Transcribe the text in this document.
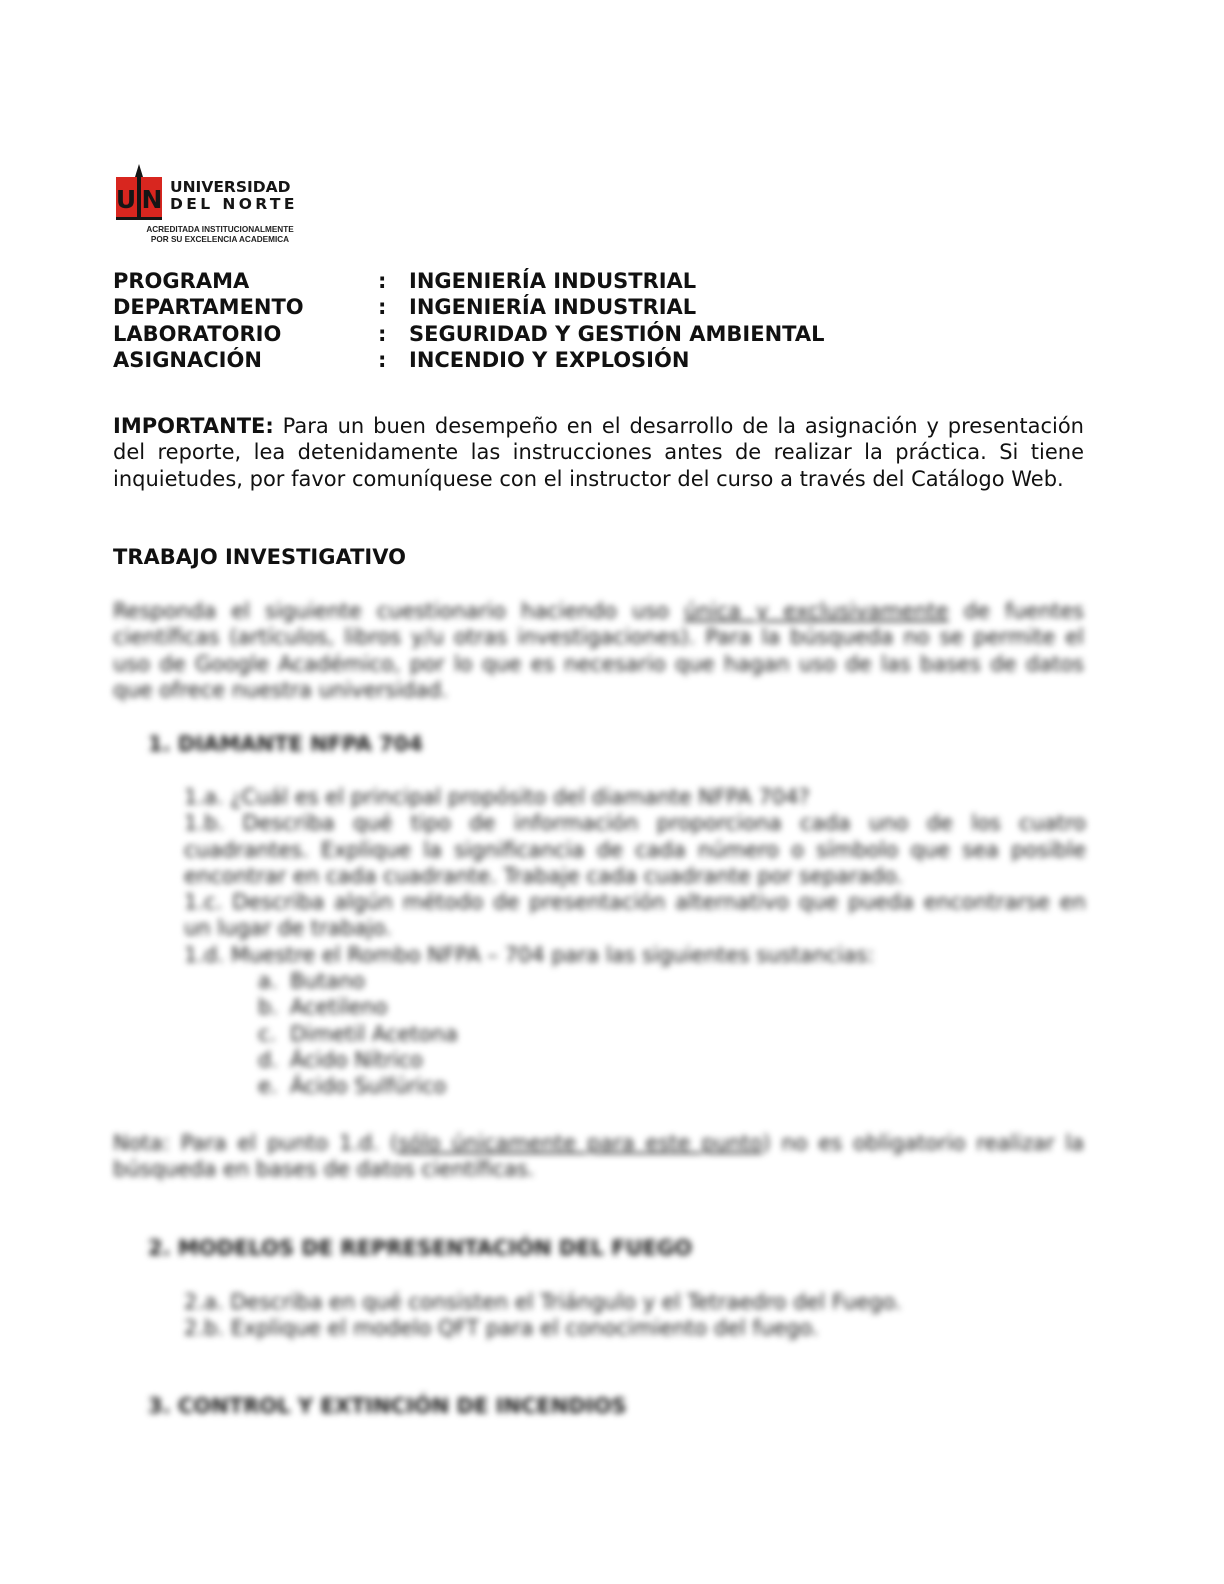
U N UNIVERSIDAD
DEL NORTE
ACREDITADA INSTITUCIONALMENTE
POR SU EXCELENCIA ACADEMICA
PROGRAMA	: INGENIERÍA INDUSTRIAL
DEPARTAMENTO	: INGENIERÍA INDUSTRIAL
LABORATORIO	: SEGURIDAD Y GESTIÓN AMBIENTAL
ASIGNACIÓN	: INCENDIO Y EXPLOSIÓN

IMPORTANTE: Para un buen desempeño en el desarrollo de la asignación y presentación del reporte, lea detenidamente las instrucciones antes de realizar la práctica. Si tiene inquietudes, por favor comuníquese con el instructor del curso a través del Catálogo Web.

TRABAJO INVESTIGATIVO

Responda el siguiente cuestionario haciendo uso única y exclusivamente de fuentes científicas (artículos, libros y/u otras investigaciones). Para la búsqueda no se permite el uso de Google Académico, por lo que es necesario que hagan uso de las bases de datos que ofrece nuestra universidad.

1. DIAMANTE NFPA 704
1.a. ¿Cuál es el principal propósito del diamante NFPA 704?
1.b. Describa qué tipo de información proporciona cada uno de los cuatro cuadrantes. Explique la significancia de cada número o símbolo que sea posible encontrar en cada cuadrante. Trabaje cada cuadrante por separado.
1.c. Describa algún método de presentación alternativo que pueda encontrarse en un lugar de trabajo.
1.d. Muestre el Rombo NFPA – 704 para las siguientes sustancias:
a. Butano
b. Acetileno
c. Dimetil Acetona
d. Ácido Nítrico
e. Ácido Sulfúrico

Nota: Para el punto 1.d. (sólo únicamente para este punto) no es obligatorio realizar la búsqueda en bases de datos científicas.

2. MODELOS DE REPRESENTACIÓN DEL FUEGO
2.a. Describa en qué consisten el Triángulo y el Tetraedro del Fuego.
2.b. Explique el modelo QFT para el conocimiento del fuego.
3. CONTROL Y EXTINCIÓN DE INCENDIOS
